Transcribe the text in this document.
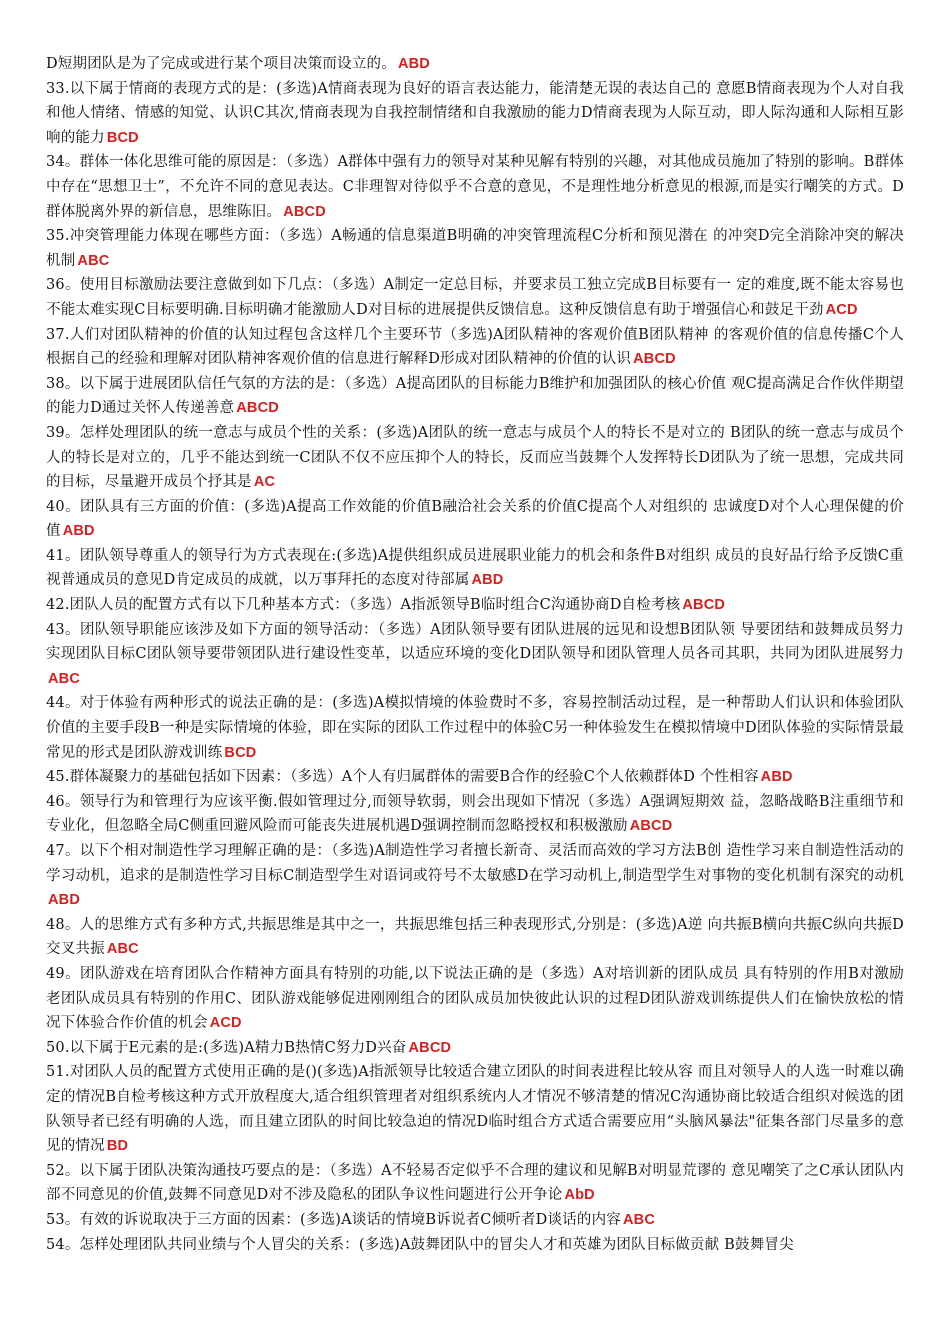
D短期团队是为了完成或进行某个项目决策而设立的。 ABD

33.以下属于情商的表现方式的是：(多选)A情商表现为良好的语言表达能力，能清楚无误的表达自己的 意愿B情商表现为个人对自我和他人情绪、情感的知觉、认识C其次,情商表现为自我控制情绪和自我激励的能力D情商表现为人际互动，即人际沟通和人际相互影响的能力 BCD

34。群体一体化思维可能的原因是：（多选）A群体中强有力的领导对某种见解有特别的兴趣，对其他成员施加了特别的影响。B群体中存在“思想卫士”，不允许不同的意见表达。C非理智对待似乎不合意的意见，不是理性地分析意见的根源,而是实行嘲笑的方式。D群体脱离外界的新信息，思维陈旧。 ABCD

35.冲突管理能力体现在哪些方面：（多选）A畅通的信息渠道B明确的冲突管理流程C分析和预见潜在 的冲突D完全消除冲突的解决机制 ABC

36。使用目标激励法要注意做到如下几点：（多选）A制定一定总目标，并要求员工独立完成B目标要有一 定的难度,既不能太容易也不能太难实现C目标要明确.目标明确才能激励人D对目标的进展提供反馈信息。这种反馈信息有助于增强信心和鼓足干劲 ACD

37.人们对团队精神的价值的认知过程包含这样几个主要环节（多选)A团队精神的客观价值B团队精神 的客观价值的信息传播C个人根据自己的经验和理解对团队精神客观价值的信息进行解释D形成对团队精神的价值的认识 ABCD

38。以下属于进展团队信任气氛的方法的是：（多选）A提高团队的目标能力B维护和加强团队的核心价值 观C提高满足合作伙伴期望的能力D通过关怀人传递善意 ABCD

39。怎样处理团队的统一意志与成员个性的关系：(多选)A团队的统一意志与成员个人的特长不是对立的 B团队的统一意志与成员个人的特长是对立的，几乎不能达到统一C团队不仅不应压抑个人的特长，反而应当鼓舞个人发挥特长D团队为了统一思想，完成共同的目标，尽量避开成员个抒其是 AC

40。团队具有三方面的价值：(多选)A提高工作效能的价值B融洽社会关系的价值C提高个人对组织的 忠诚度D对个人心理保健的价值 ABD

41。团队领导尊重人的领导行为方式表现在:(多选)A提供组织成员进展职业能力的机会和条件B对组织 成员的良好品行给予反馈C重视普通成员的意见D肯定成员的成就，以万事拜托的态度对待部属 ABD

42.团队人员的配置方式有以下几种基本方式：（多选）A指派领导B临时组合C沟通协商D自检考核 ABCD

43。团队领导职能应该涉及如下方面的领导活动：（多选）A团队领导要有团队进展的远见和设想B团队领 导要团结和鼓舞成员努力实现团队目标C团队领导要带领团队进行建设性变革，以适应环境的变化D团队领导和团队管理人员各司其职，共同为团队进展努力ABC

44。对于体验有两种形式的说法正确的是：(多选)A模拟情境的体验费时不多，容易控制活动过程，是一种帮助人们认识和体验团队价值的主要手段B一种是实际情境的体验，即在实际的团队工作过程中的体验C另一种体验发生在模拟情境中D团队体验的实际情景最常见的形式是团队游戏训练 BCD

45.群体凝聚力的基础包括如下因素：（多选）A个人有归属群体的需要B合作的经验C个人依赖群体D 个性相容 ABD

46。领导行为和管理行为应该平衡.假如管理过分,而领导软弱，则会出现如下情况（多选）A强调短期效 益，忽略战略B注重细节和专业化，但忽略全局C侧重回避风险而可能丧失进展机遇D强调控制而忽略授权和积极激励 ABCD

47。以下个相对制造性学习理解正确的是：（多选)A制造性学习者擅长新奇、灵活而高效的学习方法B创 造性学习来自制造性活动的学习动机，追求的是制造性学习目标C制造型学生对语词或符号不太敏感D在学习动机上,制造型学生对事物的变化机制有深究的动机ABD

48。人的思维方式有多种方式,共振思维是其中之一，共振思维包括三种表现形式,分别是：(多选)A逆 向共振B横向共振C纵向共振D交叉共振 ABC

49。团队游戏在培育团队合作精神方面具有特别的功能,以下说法正确的是（多选）A对培训新的团队成员 具有特别的作用B对激励老团队成员具有特别的作用C、团队游戏能够促进刚刚组合的团队成员加快彼此认识的过程D团队游戏训练提供人们在愉快放松的情况下体验合作价值的机会 ACD

50.以下属于E元素的是:(多选)A精力B热情C努力D兴奋 ABCD

51.对团队人员的配置方式使用正确的是()(多选)A指派领导比较适合建立团队的时间表进程比较从容 而且对领导人的人选一时难以确定的情况B自检考核这种方式开放程度大,适合组织管理者对组织系统内人才情况不够清楚的情况C沟通协商比较适合组织对候选的团队领导者已经有明确的人选，而且建立团队的时间比较急迫的情况D临时组合方式适合需要应用“头脑风暴法"征集各部门尽量多的意见的情况 BD

52。以下属于团队决策沟通技巧要点的是：（多选）A不轻易否定似乎不合理的建议和见解B对明显荒谬的 意见嘲笑了之C承认团队内部不同意见的价值,鼓舞不同意见D对不涉及隐私的团队争议性问题进行公开争论 AbD

53。有效的诉说取决于三方面的因素：(多选)A谈话的情境B诉说者C倾听者D谈话的内容 ABC

54。怎样处理团队共同业绩与个人冒尖的关系：(多选)A鼓舞团队中的冒尖人才和英雄为团队目标做贡献 B鼓舞冒尖
